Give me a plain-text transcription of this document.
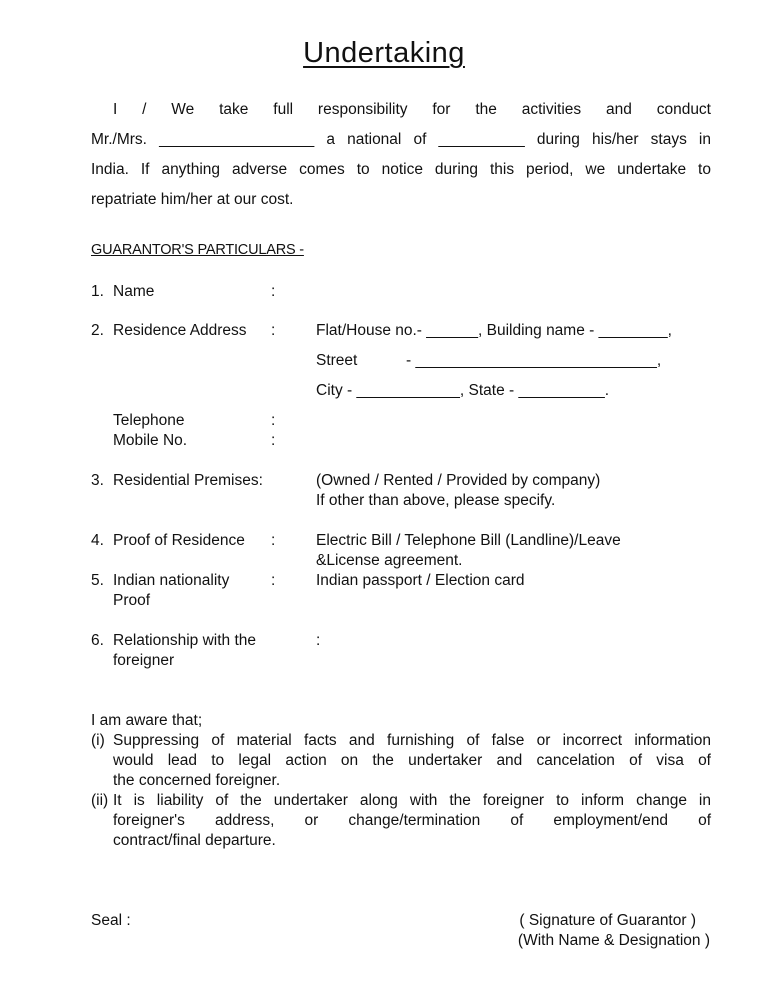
Undertaking
I / We take full responsibility for the activities and conduct
Mr./Mrs. __________________ a national of __________ during his/her stays in
India. If anything adverse comes to notice during this period, we undertake to
repatriate him/her at our cost.
GUARANTOR'S PARTICULARS -
1. Name	:
2. Residence Address :	Flat/House no.- ______, Building name - ________,
Street	- ____________________________,
City - ____________, State - __________.
Telephone	:
Mobile No.	:
3. Residential Premises:	(Owned / Rented / Provided by company)
If other than above, please specify.
4. Proof of Residence :	Electric Bill / Telephone Bill (Landline)/Leave
&License agreement.
5. Indian nationality
Proof
:	Indian passport / Election card
6. Relationship with the
foreigner
:
I am aware that;
(i) Suppressing of material facts and furnishing of false or incorrect information
would lead to legal action on the undertaker and cancelation of visa of
the concerned foreigner.
(ii) It is liability of the undertaker along with the foreigner to inform change in
foreigner's address, or change/termination of employment/end of
contract/final departure.
Seal :	( Signature of Guarantor )
(With Name & Designation )
